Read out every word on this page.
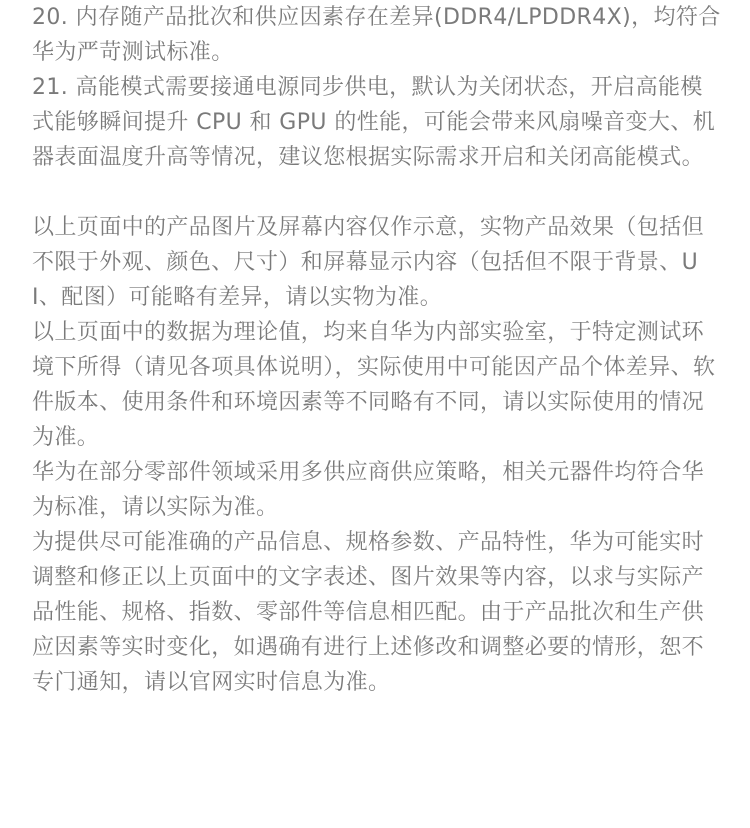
20. 内存随产品批次和供应因素存在差异(DDR4/LPDDR4X)，均符合华为严苛测试标准。

21. 高能模式需要接通电源同步供电，默认为关闭状态，开启高能模式能够瞬间提升 CPU 和 GPU 的性能，可能会带来风扇噪音变大、机器表面温度升高等情况，建议您根据实际需求开启和关闭高能模式。

以上页面中的产品图片及屏幕内容仅作示意，实物产品效果（包括但不限于外观、颜色、尺寸）和屏幕显示内容（包括但不限于背景、UI、配图）可能略有差异，请以实物为准。

以上页面中的数据为理论值，均来自华为内部实验室，于特定测试环境下所得（请见各项具体说明），实际使用中可能因产品个体差异、软件版本、使用条件和环境因素等不同略有不同，请以实际使用的情况为准。

华为在部分零部件领域采用多供应商供应策略，相关元器件均符合华为标准，请以实际为准。

为提供尽可能准确的产品信息、规格参数、产品特性，华为可能实时调整和修正以上页面中的文字表述、图片效果等内容，以求与实际产品性能、规格、指数、零部件等信息相匹配。由于产品批次和生产供应因素等实时变化，如遇确有进行上述修改和调整必要的情形，恕不专门通知，请以官网实时信息为准。
